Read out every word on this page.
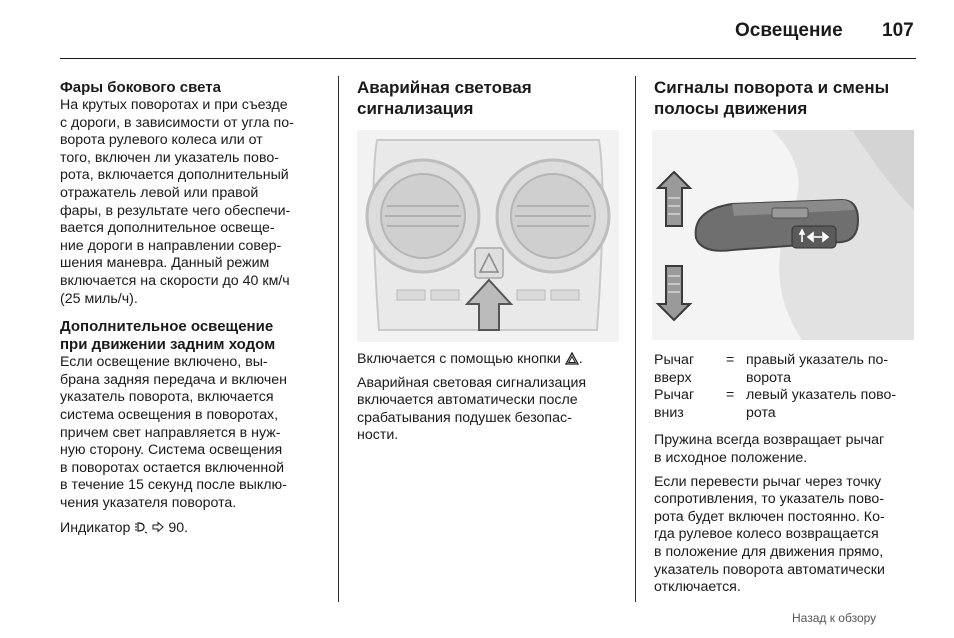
Освещение 107

Фары бокового света

На крутых поворотах и при съезде
с дороги, в зависимости от угла по-
ворота рулевого колеса или от
того, включен ли указатель пово-
рота, включается дополнительный
отражатель левой или правой
фары, в результате чего обеспечи-
вается дополнительное освеще-
ние дороги в направлении совер-
шения маневра. Данный режим
включается на скорости до 40 км/ч
(25 миль/ч).

Дополнительное освещение
при движении задним ходом

Если освещение включено, вы-
брана задняя передача и включен
указатель поворота, включается
система освещения в поворотах,
причем свет направляется в нуж-
ную сторону. Система освещения
в поворотах остается включенной
в течение 15 секунд после выклю-
чения указателя поворота.

Индикатор	90.

Аварийная световая
сигнализация

Включается с помощью кнопки .

Аварийная световая сигнализация
включается автоматически после
срабатывания подушек безопас-
ности.

Сигналы поворота и смены
полосы движения

Рычаг
вверх
= правый указатель по-
ворота
Рычаг
вниз
= левый указатель пово-
рота

Пружина всегда возвращает рычаг
в исходное положение.

Если перевести рычаг через точку
сопротивления, то указатель пово-
рота будет включен постоянно. Ко-
гда рулевое колесо возвращается
в положение для движения прямо,
указатель поворота автоматически
отключается.

Назад к обзору
